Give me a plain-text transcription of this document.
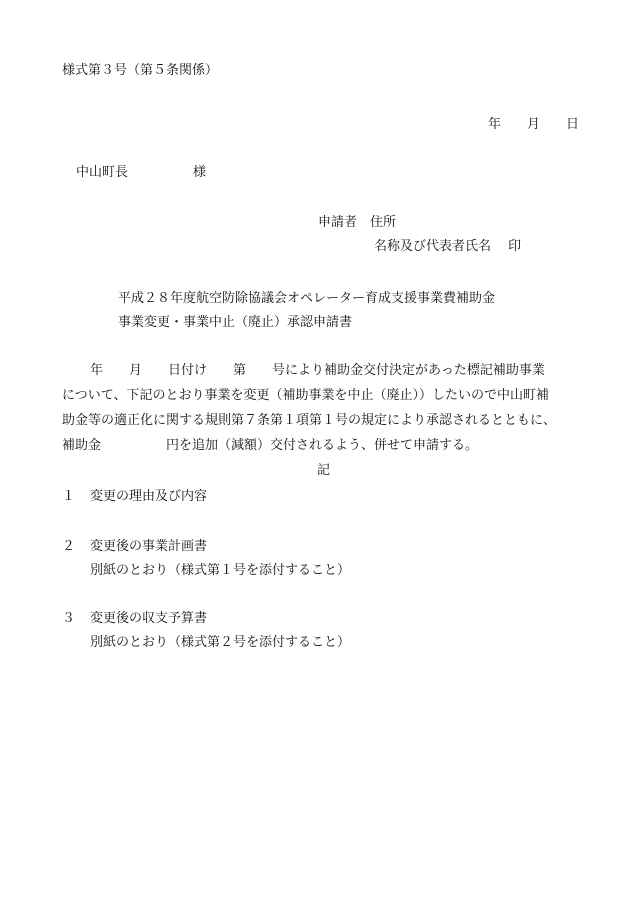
様式第３号（第５条関係）
年　　月　　日
中山町長　　　　　様
申請者　住所
名称及び代表者氏名　 印
平成２８年度航空防除協議会オペレーター育成支援事業費補助金
事業変更・事業中止（廃止）承認申請書
年　　月　　日付け　　第　　号により補助金交付決定があった標記補助事業
について、下記のとおり事業を変更（補助事業を中止（廃止））したいので中山町補
助金等の適正化に関する規則第７条第１項第１号の規定により承認されるとともに、
補助金　　　　　円を追加（減額）交付されるよう、併せて申請する。
記
１ 変更の理由及び内容
２ 変更後の事業計画書
別紙のとおり（様式第１号を添付すること）
３ 変更後の収支予算書
別紙のとおり（様式第２号を添付すること）
